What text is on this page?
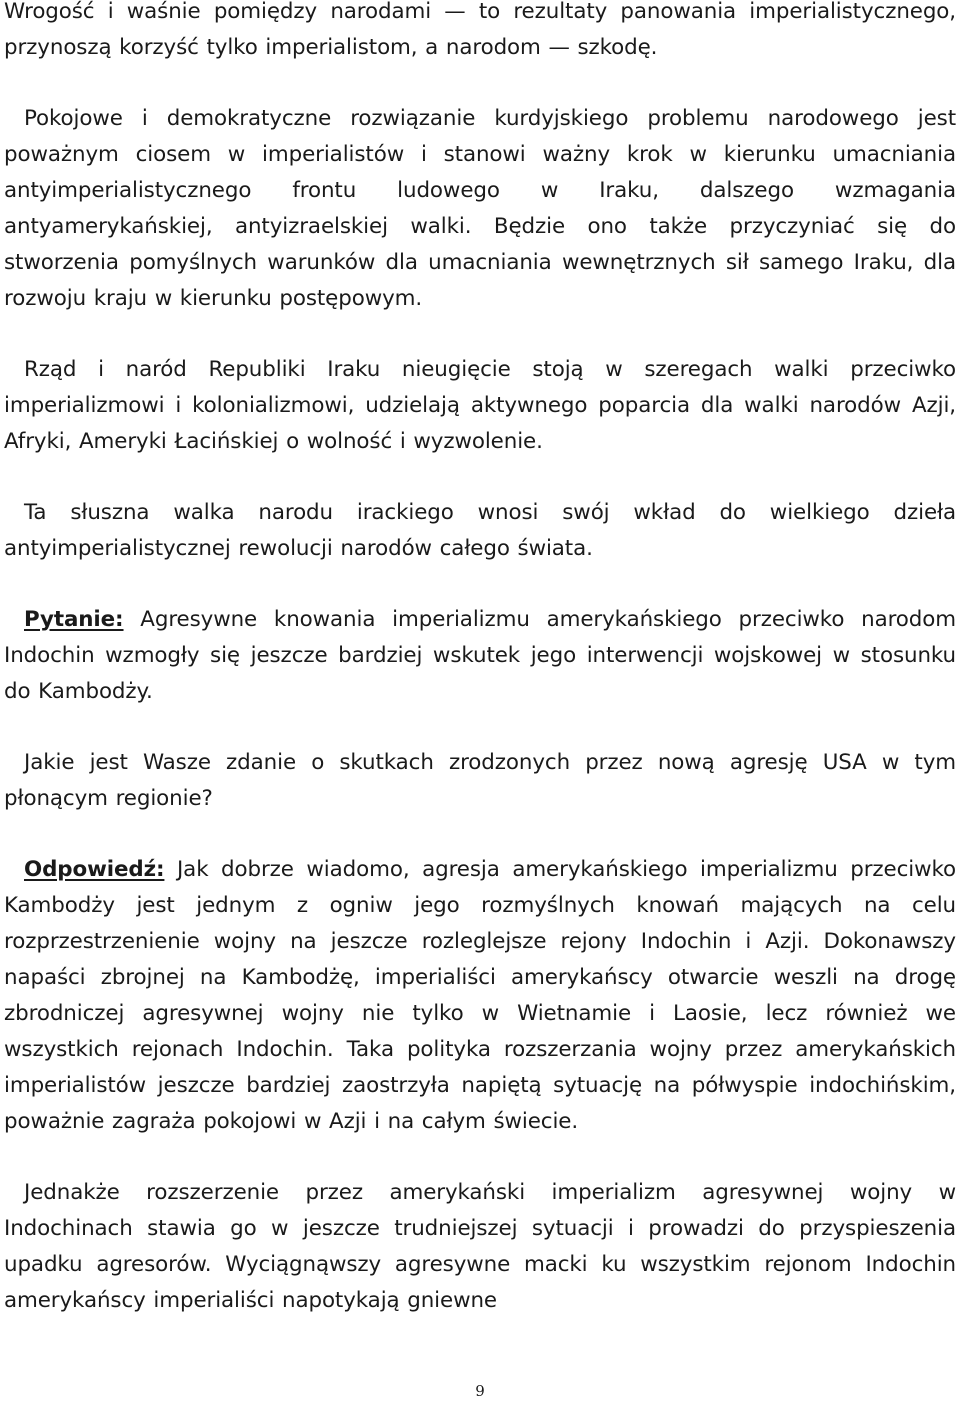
Wrogość i waśnie pomiędzy narodami — to rezultaty panowania imperialistycznego, przynoszą korzyść tylko imperialistom, a narodom — szkodę.

Pokojowe i demokratyczne rozwiązanie kurdyjskiego problemu narodowego jest poważnym ciosem w imperialistów i stanowi ważny krok w kierunku umacniania antyimperialistycznego frontu ludowego w Iraku, dalszego wzmagania antyamerykańskiej, antyizraelskiej walki. Będzie ono także przyczyniać się do stworzenia pomyślnych warunków dla umacniania wewnętrznych sił samego Iraku, dla rozwoju kraju w kierunku postępowym.

Rząd i naród Republiki Iraku nieugięcie stoją w szeregach walki przeciwko imperializmowi i kolonializmowi, udzielają aktywnego poparcia dla walki narodów Azji, Afryki, Ameryki Łacińskiej o wolność i wyzwolenie.

Ta słuszna walka narodu irackiego wnosi swój wkład do wielkiego dzieła antyimperialistycznej rewolucji narodów całego świata.

Pytanie: Agresywne knowania imperializmu amerykańskiego przeciwko narodom Indochin wzmogły się jeszcze bardziej wskutek jego interwencji wojskowej w stosunku do Kambodży.

Jakie jest Wasze zdanie o skutkach zrodzonych przez nową agresję USA w tym płonącym regionie?

Odpowiedź: Jak dobrze wiadomo, agresja amerykańskiego imperializmu przeciwko Kambodży jest jednym z ogniw jego rozmyślnych knowań mających na celu rozprzestrzenienie wojny na jeszcze rozleglejsze rejony Indochin i Azji. Dokonawszy napaści zbrojnej na Kambodżę, imperialiści amerykańscy otwarcie weszli na drogę zbrodniczej agresywnej wojny nie tylko w Wietnamie i Laosie, lecz również we wszystkich rejonach Indochin. Taka polityka rozszerzania wojny przez amerykańskich imperialistów jeszcze bardziej zaostrzyła napiętą sytuację na półwyspie indochińskim, poważnie zagraża pokojowi w Azji i na całym świecie.

Jednakże rozszerzenie przez amerykański imperializm agresywnej wojny w Indochinach stawia go w jeszcze trudniejszej sytuacji i prowadzi do przyspieszenia upadku agresorów. Wyciągnąwszy agresywne macki ku wszystkim rejonom Indochin amerykańscy imperialiści napotykają gniewne

9
